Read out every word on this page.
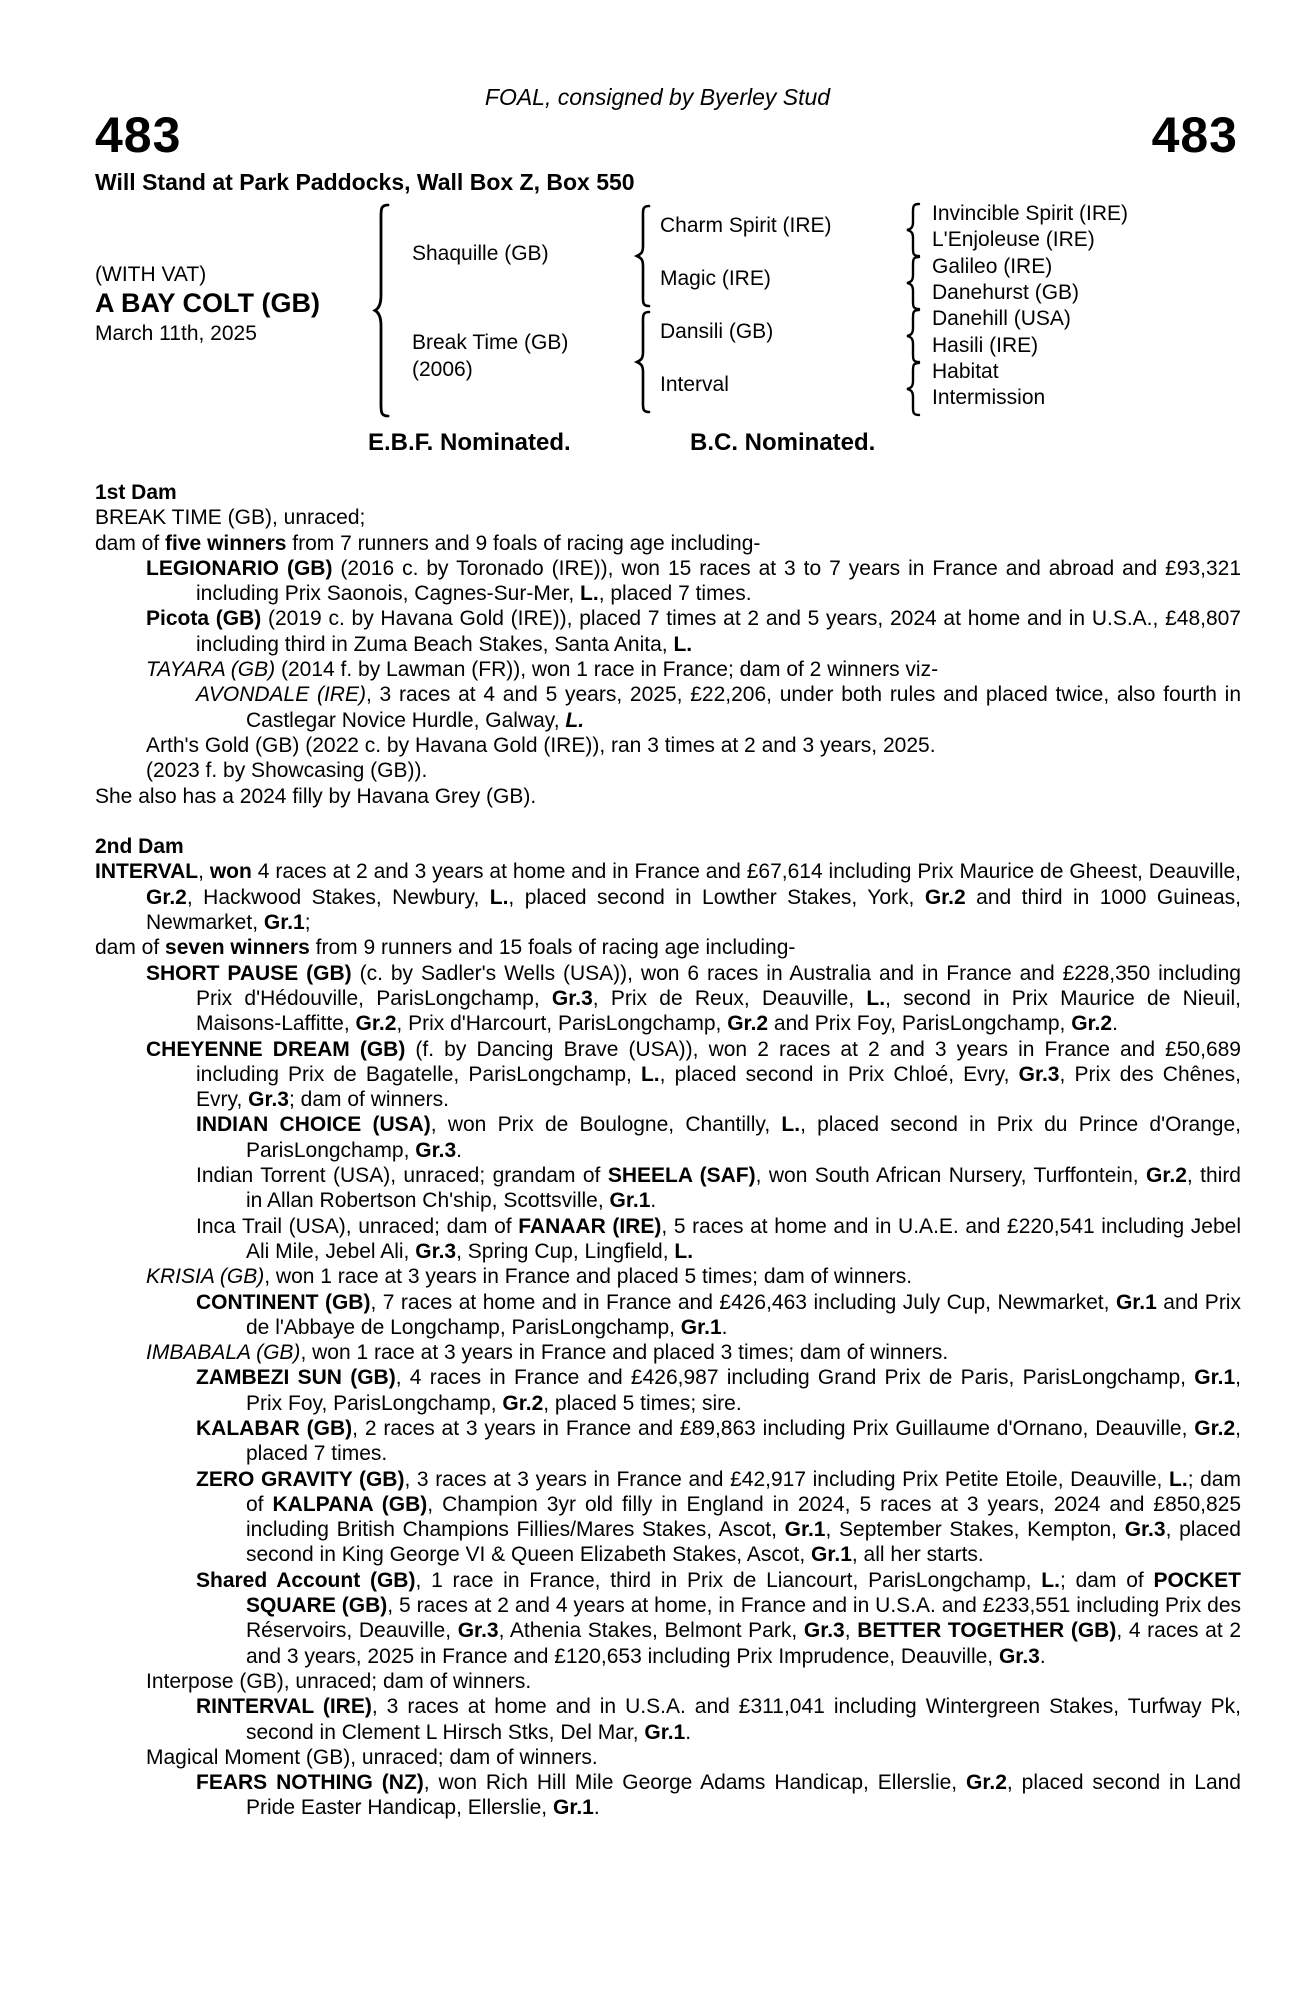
FOAL, consigned by Byerley Stud
483	483
Will Stand at Park Paddocks, Wall Box Z, Box 550
(WITH VAT)
A BAY COLT (GB)
March 11th, 2025
Shaquille (GB)
Break Time (GB)
(2006)
Charm Spirit (IRE)
Magic (IRE)
Dansili (GB)
Interval
Invincible Spirit (IRE)
L'Enjoleuse (IRE)
Galileo (IRE)
Danehurst (GB)
Danehill (USA)
Hasili (IRE)
Habitat
Intermission
E.B.F. Nominated.	B.C. Nominated.

1st Dam

BREAK TIME (GB), unraced;

dam of five winners from 7 runners and 9 foals of racing age including-

LEGIONARIO (GB) (2016 c. by Toronado (IRE)), won 15 races at 3 to 7 years in France and abroad and £93,321 including Prix Saonois, Cagnes-Sur-Mer, L., placed 7 times.

Picota (GB) (2019 c. by Havana Gold (IRE)), placed 7 times at 2 and 5 years, 2024 at home and in U.S.A., £48,807 including third in Zuma Beach Stakes, Santa Anita, L.

TAYARA (GB) (2014 f. by Lawman (FR)), won 1 race in France; dam of 2 winners viz-

AVONDALE (IRE), 3 races at 4 and 5 years, 2025, £22,206, under both rules and placed twice, also fourth in Castlegar Novice Hurdle, Galway, L.

Arth's Gold (GB) (2022 c. by Havana Gold (IRE)), ran 3 times at 2 and 3 years, 2025.

(2023 f. by Showcasing (GB)).

She also has a 2024 filly by Havana Grey (GB).

2nd Dam

INTERVAL, won 4 races at 2 and 3 years at home and in France and £67,614 including Prix Maurice de Gheest, Deauville, Gr.2, Hackwood Stakes, Newbury, L., placed second in Lowther Stakes, York, Gr.2 and third in 1000 Guineas, Newmarket, Gr.1;

dam of seven winners from 9 runners and 15 foals of racing age including-

SHORT PAUSE (GB) (c. by Sadler's Wells (USA)), won 6 races in Australia and in France and £228,350 including Prix d'Hédouville, ParisLongchamp, Gr.3, Prix de Reux, Deauville, L., second in Prix Maurice de Nieuil, Maisons-Laffitte, Gr.2, Prix d'Harcourt, ParisLongchamp, Gr.2 and Prix Foy, ParisLongchamp, Gr.2.

CHEYENNE DREAM (GB) (f. by Dancing Brave (USA)), won 2 races at 2 and 3 years in France and £50,689 including Prix de Bagatelle, ParisLongchamp, L., placed second in Prix Chloé, Evry, Gr.3, Prix des Chênes, Evry, Gr.3; dam of winners.

INDIAN CHOICE (USA), won Prix de Boulogne, Chantilly, L., placed second in Prix du Prince d'Orange, ParisLongchamp, Gr.3.

Indian Torrent (USA), unraced; grandam of SHEELA (SAF), won South African Nursery, Turffontein, Gr.2, third in Allan Robertson Ch'ship, Scottsville, Gr.1.

Inca Trail (USA), unraced; dam of FANAAR (IRE), 5 races at home and in U.A.E. and £220,541 including Jebel Ali Mile, Jebel Ali, Gr.3, Spring Cup, Lingfield, L.

KRISIA (GB), won 1 race at 3 years in France and placed 5 times; dam of winners.

CONTINENT (GB), 7 races at home and in France and £426,463 including July Cup, Newmarket, Gr.1 and Prix de l'Abbaye de Longchamp, ParisLongchamp, Gr.1.

IMBABALA (GB), won 1 race at 3 years in France and placed 3 times; dam of winners.

ZAMBEZI SUN (GB), 4 races in France and £426,987 including Grand Prix de Paris, ParisLongchamp, Gr.1, Prix Foy, ParisLongchamp, Gr.2, placed 5 times; sire.

KALABAR (GB), 2 races at 3 years in France and £89,863 including Prix Guillaume d'Ornano, Deauville, Gr.2, placed 7 times.

ZERO GRAVITY (GB), 3 races at 3 years in France and £42,917 including Prix Petite Etoile, Deauville, L.; dam of KALPANA (GB), Champion 3yr old filly in England in 2024, 5 races at 3 years, 2024 and £850,825 including British Champions Fillies/Mares Stakes, Ascot, Gr.1, September Stakes, Kempton, Gr.3, placed second in King George VI & Queen Elizabeth Stakes, Ascot, Gr.1, all her starts.

Shared Account (GB), 1 race in France, third in Prix de Liancourt, ParisLongchamp, L.; dam of POCKET SQUARE (GB), 5 races at 2 and 4 years at home, in France and in U.S.A. and £233,551 including Prix des Réservoirs, Deauville, Gr.3, Athenia Stakes, Belmont Park, Gr.3, BETTER TOGETHER (GB), 4 races at 2 and 3 years, 2025 in France and £120,653 including Prix Imprudence, Deauville, Gr.3.

Interpose (GB), unraced; dam of winners.

RINTERVAL (IRE), 3 races at home and in U.S.A. and £311,041 including Wintergreen Stakes, Turfway Pk, second in Clement L Hirsch Stks, Del Mar, Gr.1.

Magical Moment (GB), unraced; dam of winners.

FEARS NOTHING (NZ), won Rich Hill Mile George Adams Handicap, Ellerslie, Gr.2, placed second in Land Pride Easter Handicap, Ellerslie, Gr.1.
